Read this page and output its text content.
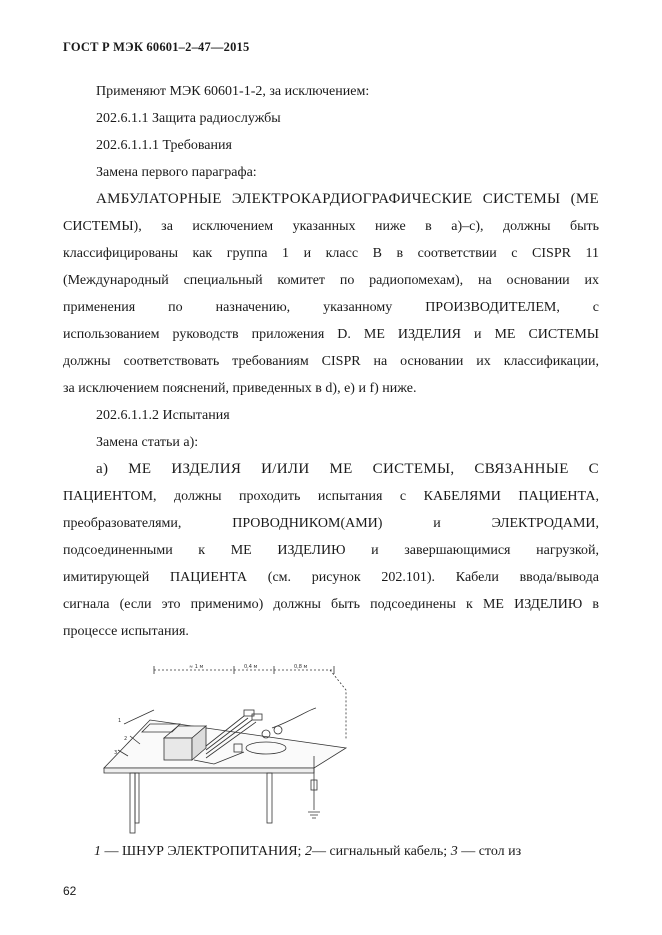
ГОСТ Р МЭК 60601–2–47—2015

Применяют МЭК 60601-1-2, за исключением:

202.6.1.1 Защита радиослужбы

202.6.1.1.1 Требования

Замена первого параграфа:

АМБУЛАТОРНЫЕ ЭЛЕКТРОКАРДИОГРАФИЧЕСКИЕ СИСТЕМЫ (МЕ
СИСТЕМЫ), за исключением указанных ниже в а)–с), должны быть
классифицированы как группа 1 и класс В в соответствии с CISPR 11
(Международный специальный комитет по радиопомехам), на основании их
применения по назначению, указанному ПРОИЗВОДИТЕЛЕМ, с
использованием руководств приложения D. МЕ ИЗДЕЛИЯ и МЕ СИСТЕМЫ
должны соответствовать требованиям CISPR на основании их классификации,
за исключением пояснений, приведенных в d), е) и f) ниже.

202.6.1.1.2 Испытания

Замена статьи а):

а) МЕ ИЗДЕЛИЯ И/ИЛИ МЕ СИСТЕМЫ, СВЯЗАННЫЕ С
ПАЦИЕНТОМ, должны проходить испытания с КАБЕЛЯМИ ПАЦИЕНТА,
преобразователями, ПРОВОДНИКОМ(АМИ) и ЭЛЕКТРОДАМИ,
подсоединенными к МЕ ИЗДЕЛИЮ и завершающимися нагрузкой,
имитирующей ПАЦИЕНТА (см. рисунок 202.101). Кабели ввода/вывода
сигнала (если это применимо) должны быть подсоединены к МЕ ИЗДЕЛИЮ в
процессе испытания.
≈ 1 м	0,4 м	0,8 м
1
2
3
1 — ШНУР ЭЛЕКТРОПИТАНИЯ; 2— сигнальный кабель; 3 — стол из
62
